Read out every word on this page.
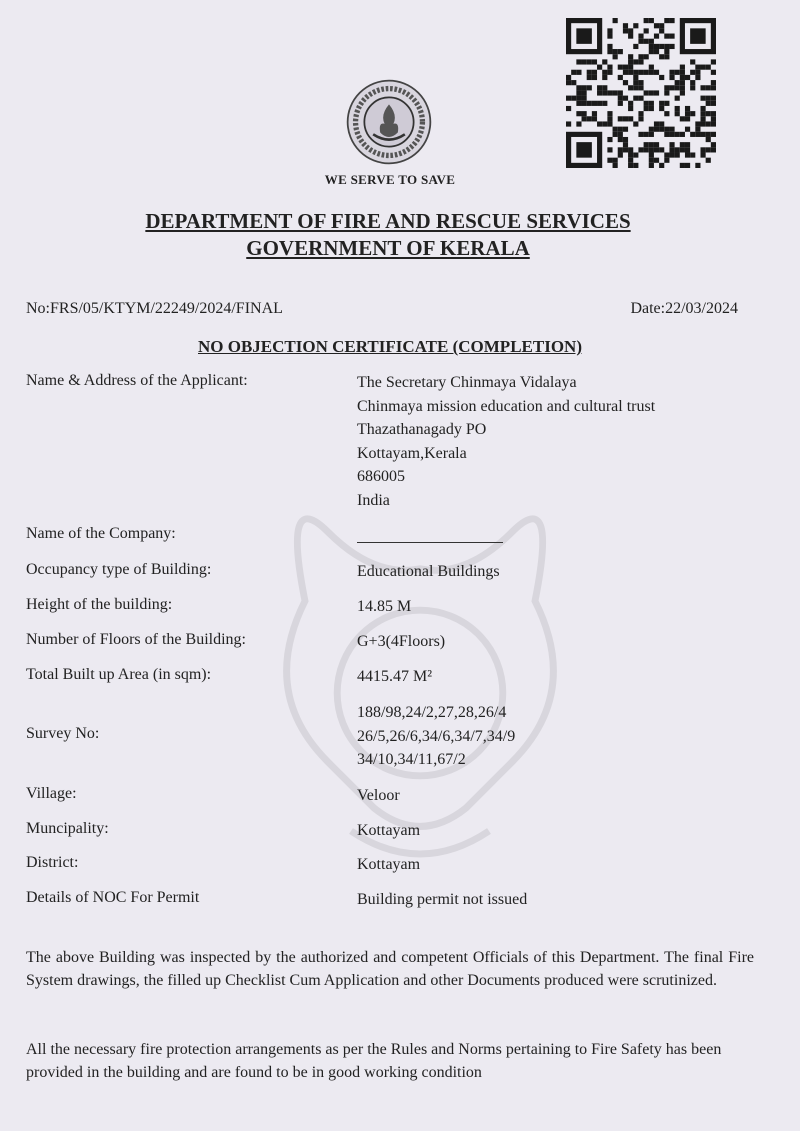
WE SERVE TO SAVE
DEPARTMENT OF FIRE AND RESCUE SERVICES
GOVERNMENT OF KERALA
No:FRS/05/KTYM/22249/2024/FINAL	Date:22/03/2024
NO OBJECTION CERTIFICATE (COMPLETION)
Name & Address of the Applicant:	The Secretary Chinmaya Vidalaya
Chinmaya mission education and cultural trust
Thazathanagady PO
Kottayam,Kerala
686005
India
Name of the Company:
Occupancy type of Building:	Educational Buildings
Height of the building:	14.85 M
Number of Floors of the Building:	G+3(4Floors)
Total Built up Area (in sqm):	4415.47 M²
Survey No:
188/98,24/2,27,28,26/4
26/5,26/6,34/6,34/7,34/9
34/10,34/11,67/2
Village:	Veloor
Muncipality:	Kottayam
District:	Kottayam
Details of NOC For Permit	Building permit not issued
The above Building was inspected by the authorized and competent Officials of this Department. The final Fire System drawings, the filled up Checklist Cum Application and other Documents produced were scrutinized.
All the necessary fire protection arrangements as per the Rules and Norms pertaining to Fire Safety has been provided in the building and are found to be in good working condition
